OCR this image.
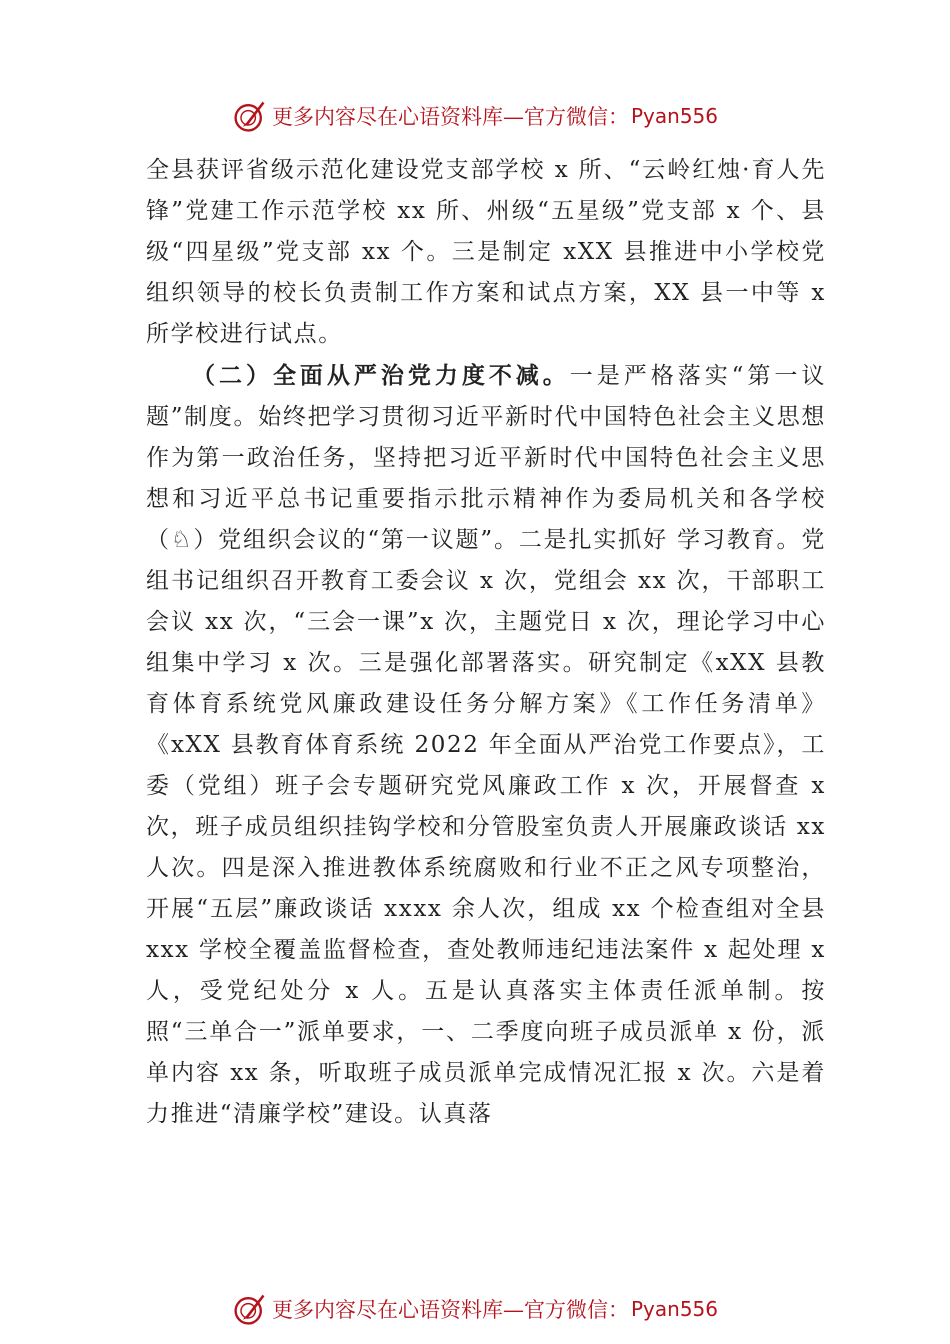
更多内容尽在心语资料库—官方微信： Pyan556

全县获评省级示范化建设党支部学校 x 所、“云岭红烛·育人先锋”党建工作示范学校 xx 所、州级“五星级”党支部 x 个、县级“四星级”党支部 xx 个。三是制定 xXX 县推进中小学校党组织领导的校长负责制工作方案和试点方案，XX 县一中等 x 所学校进行试点。

（二）全面从严治党力度不减。一是严格落实“第一议题”制度。始终把学习贯彻习近平新时代中国特色社会主义思想作为第一政治任务，坚持把习近平新时代中国特色社会主义思想和习近平总书记重要指示批示精神作为委局机关和各学校（♘）党组织会议的“第一议题”。二是扎实抓好 学习教育。党组书记组织召开教育工委会议 x 次，党组会 xx 次，干部职工会议 xx 次，“三会一课”x 次，主题党日 x 次，理论学习中心组集中学习 x 次。三是强化部署落实。研究制定《xXX 县教育体育系统党风廉政建设任务分解方案》《工作任务清单》《xXX 县教育体育系统 2022 年全面从严治党工作要点》，工委（党组）班子会专题研究党风廉政工作 x 次，开展督查 x 次，班子成员组织挂钩学校和分管股室负责人开展廉政谈话 xx 人次。四是深入推进教体系统腐败和行业不正之风专项整治，开展“五层”廉政谈话 xxxx 余人次，组成 xx 个检查组对全县 xxx 学校全覆盖监督检查，查处教师违纪违法案件 x 起处理 x 人，受党纪处分 x 人。五是认真落实主体责任派单制。按照“三单合一”派单要求，一、二季度向班子成员派单 x 份，派单内容 xx 条，听取班子成员派单完成情况汇报 x 次。六是着力推进“清廉学校”建设。认真落

更多内容尽在心语资料库—官方微信： Pyan556
